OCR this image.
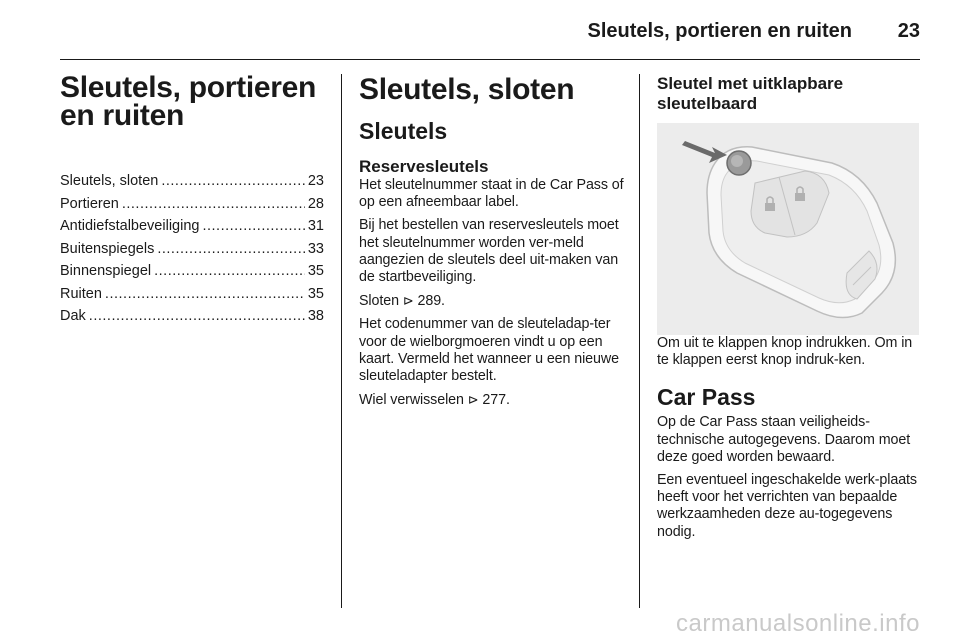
Sleutels, portieren en ruiten 23
Sleutels, portieren en ruiten
Sleutels, sloten .....	23
Portieren .....	28
Antidiefstalbeveiliging .....	31
Buitenspiegels .....	33
Binnenspiegel .....	35
Ruiten .....	35
Dak .....	38
Sleutels, sloten
Sleutels
Reservesleutels

Het sleutelnummer staat in de Car Pass of op een afneembaar label.

Bij het bestellen van reservesleutels moet het sleutelnummer worden ver-meld aangezien de sleutels deel uit-maken van de startbeveiliging.

Sloten ⊳ 289.

Het codenummer van de sleuteladap-ter voor de wielborgmoeren vindt u op een kaart. Vermeld het wanneer u een nieuwe sleuteladapter bestelt.

Wiel verwisselen ⊳ 277.

Sleutel met uitklapbare sleutelbaard

Om uit te klappen knop indrukken. Om in te klappen eerst knop indruk-ken.

Car Pass

Op de Car Pass staan veiligheids-technische autogegevens. Daarom moet deze goed worden bewaard.

Een eventueel ingeschakelde werk-plaats heeft voor het verrichten van bepaalde werkzaamheden deze au-togegevens nodig.

carmanualsonline.info
